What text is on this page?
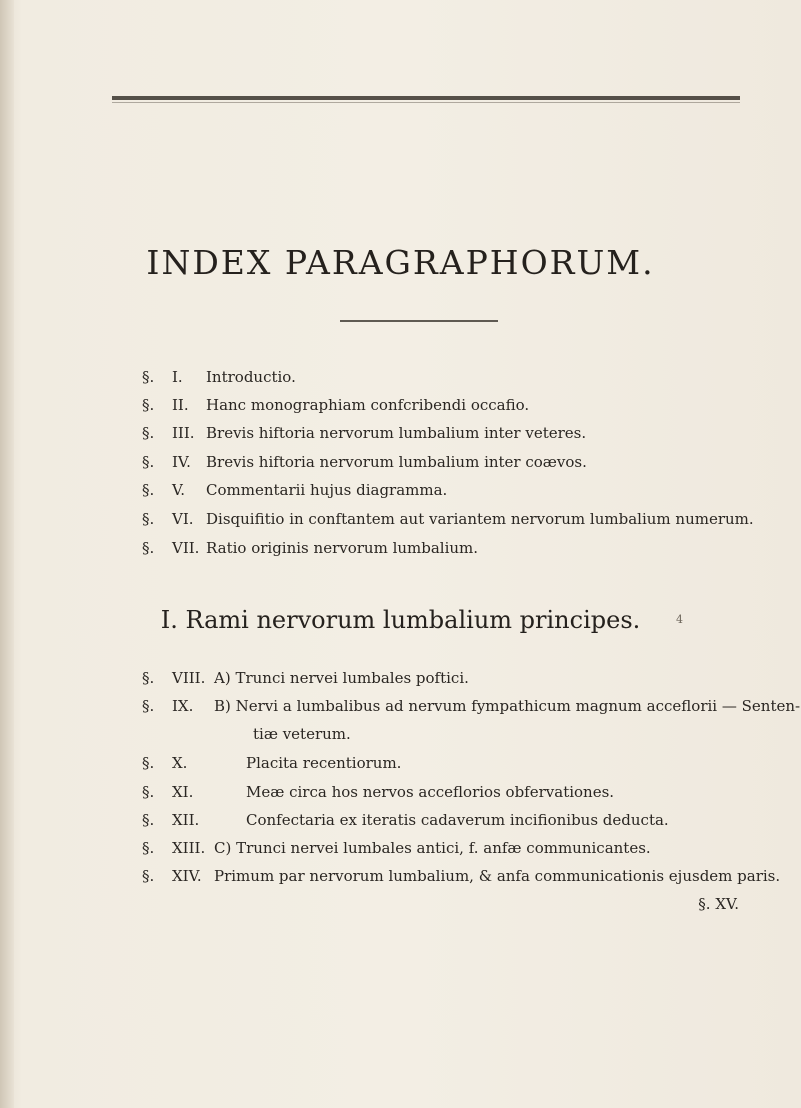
INDEX PARAGRAPHORUM.
§. I. Introductio.
§. II. Hanc monographiam confcribendi occafio.
§. III. Brevis hiftoria nervorum lumbalium inter veteres.
§. IV. Brevis hiftoria nervorum lumbalium inter coævos.
§. V. Commentarii hujus diagramma.
§. VI. Disquifitio in conftantem aut variantem nervorum lumbalium numerum.
§. VII. Ratio originis nervorum lumbalium.
I. Rami nervorum lumbalium principes.	4
§. VIII. A) Trunci nervei lumbales poftici.
§. IX. B) Nervi a lumbalibus ad nervum fympathicum magnum acceflorii — Senten-
tiæ veterum.
§. X.	Placita recentiorum.
§. XI.	Meæ circa hos nervos acceflorios obfervationes.
§. XII.	Confectaria ex iteratis cadaverum incifionibus deducta.
§. XIII. C) Trunci nervei lumbales antici, f. anfæ communicantes.
§. XIV. Primum par nervorum lumbalium, & anfa communicationis ejusdem paris.
§. XV.
